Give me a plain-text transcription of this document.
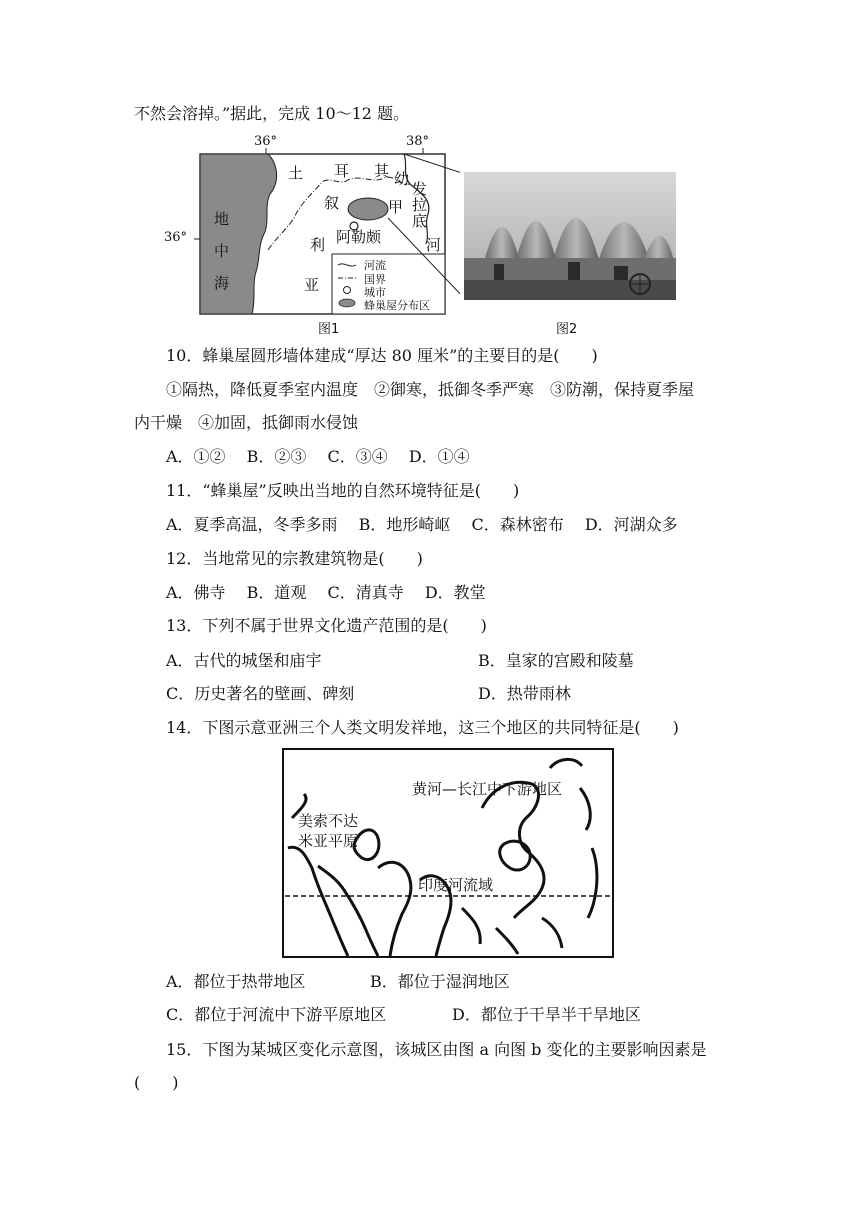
不然会溶掉。”据此，完成 10～12 题。
36°	38°
36°
土 耳 其
地
中
海
叙
利
亚
阿勒颇
幼
发
拉
底
甲
河
河流
国界
城市
蜂巢屋分布区
图1	图2
10．蜂巢屋圆形墙体建成“厚达 80 厘米”的主要目的是(　　)
①隔热，降低夏季室内温度　②御寒，抵御冬季严寒　③防潮，保持夏季屋
内干燥　④加固，抵御雨水侵蚀
A．①②　 B．②③　 C．③④　 D．①④
11．“蜂巢屋”反映出当地的自然环境特征是(　　)
A．夏季高温，冬季多雨　 B．地形崎岖　 C．森林密布　 D．河湖众多
12．当地常见的宗教建筑物是(　　)
A．佛寺　 B．道观　 C．清真寺　 D．教堂
13．下列不属于世界文化遗产范围的是(　　)
A．古代的城堡和庙宇	B．皇家的宫殿和陵墓
C．历史著名的壁画、碑刻	D．热带雨林
14．下图示意亚洲三个人类文明发祥地，这三个地区的共同特征是(　　)
黄河—长江中下游地区
美索不达
米亚平原
印度河流域
A．都位于热带地区	B．都位于湿润地区
C．都位于河流中下游平原地区	D．都位于干旱半干旱地区
15．下图为某城区变化示意图，该城区由图 a 向图 b 变化的主要影响因素是
(　　)
